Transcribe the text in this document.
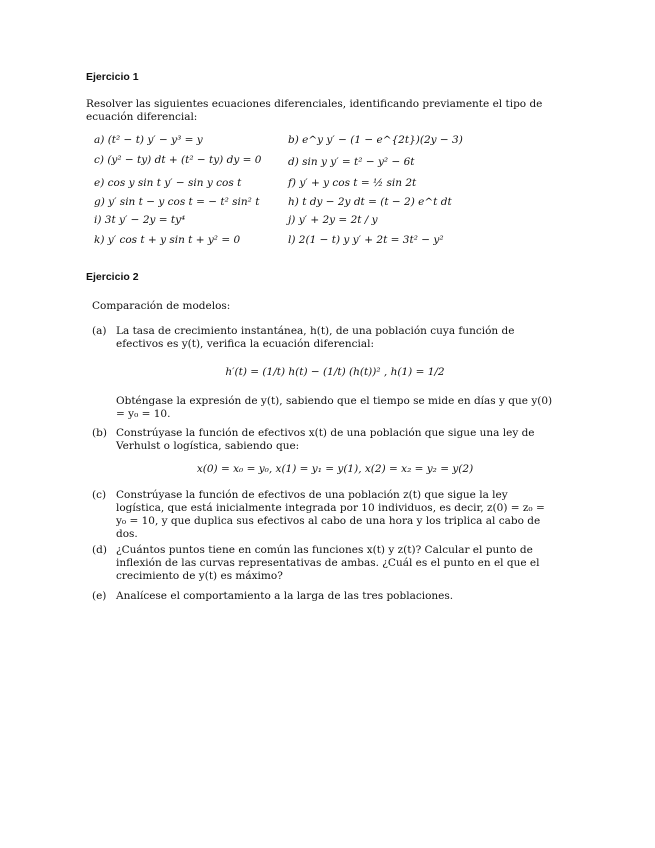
Ejercicio 1
Resolver las siguientes ecuaciones diferenciales, identificando previamente el tipo de ecuación diferencial:
a) (t² − t) y′ − y³ = y
c) (y² − ty) dt + (t² − ty) dy = 0
e) cos y sin t y′ − sin y cos t
g) y′ sin t − y cos t = − t² sin² t
i) 3t y′ − 2y = ty⁴
k) y′ cos t + y sin t + y² = 0
b) e^y y′ − (1 − e^{2t})(2y − 3)
d) sin y y′ = t² − y² − 6t
f) y′ + y cos t = ½ sin 2t
h) t dy − 2y dt = (t − 2) e^t dt
j) y′ + 2y = 2t / y
l) 2(1 − t) y y′ + 2t = 3t² − y²
Ejercicio 2
Comparación de modelos:
(a) La tasa de crecimiento instantánea, h(t), de una población cuya función de efectivos es y(t), verifica la ecuación diferencial:
h′(t) = (1/t) h(t) − (1/t) (h(t))² , h(1) = 1/2
Obténgase la expresión de y(t), sabiendo que el tiempo se mide en días y que y(0) = y₀ = 10.
(b) Constrúyase la función de efectivos x(t) de una población que sigue una ley de Verhulst o logística, sabiendo que:
x(0) = x₀ = y₀, x(1) = y₁ = y(1), x(2) = x₂ = y₂ = y(2)
(c) Constrúyase la función de efectivos de una población z(t) que sigue la ley logística, que está inicialmente integrada por 10 individuos, es decir, z(0) = z₀ = y₀ = 10, y que duplica sus efectivos al cabo de una hora y los triplica al cabo de dos.
(d) ¿Cuántos puntos tiene en común las funciones x(t) y z(t)? Calcular el punto de inflexión de las curvas representativas de ambas. ¿Cuál es el punto en el que el crecimiento de y(t) es máximo?
(e) Analícese el comportamiento a la larga de las tres poblaciones.
